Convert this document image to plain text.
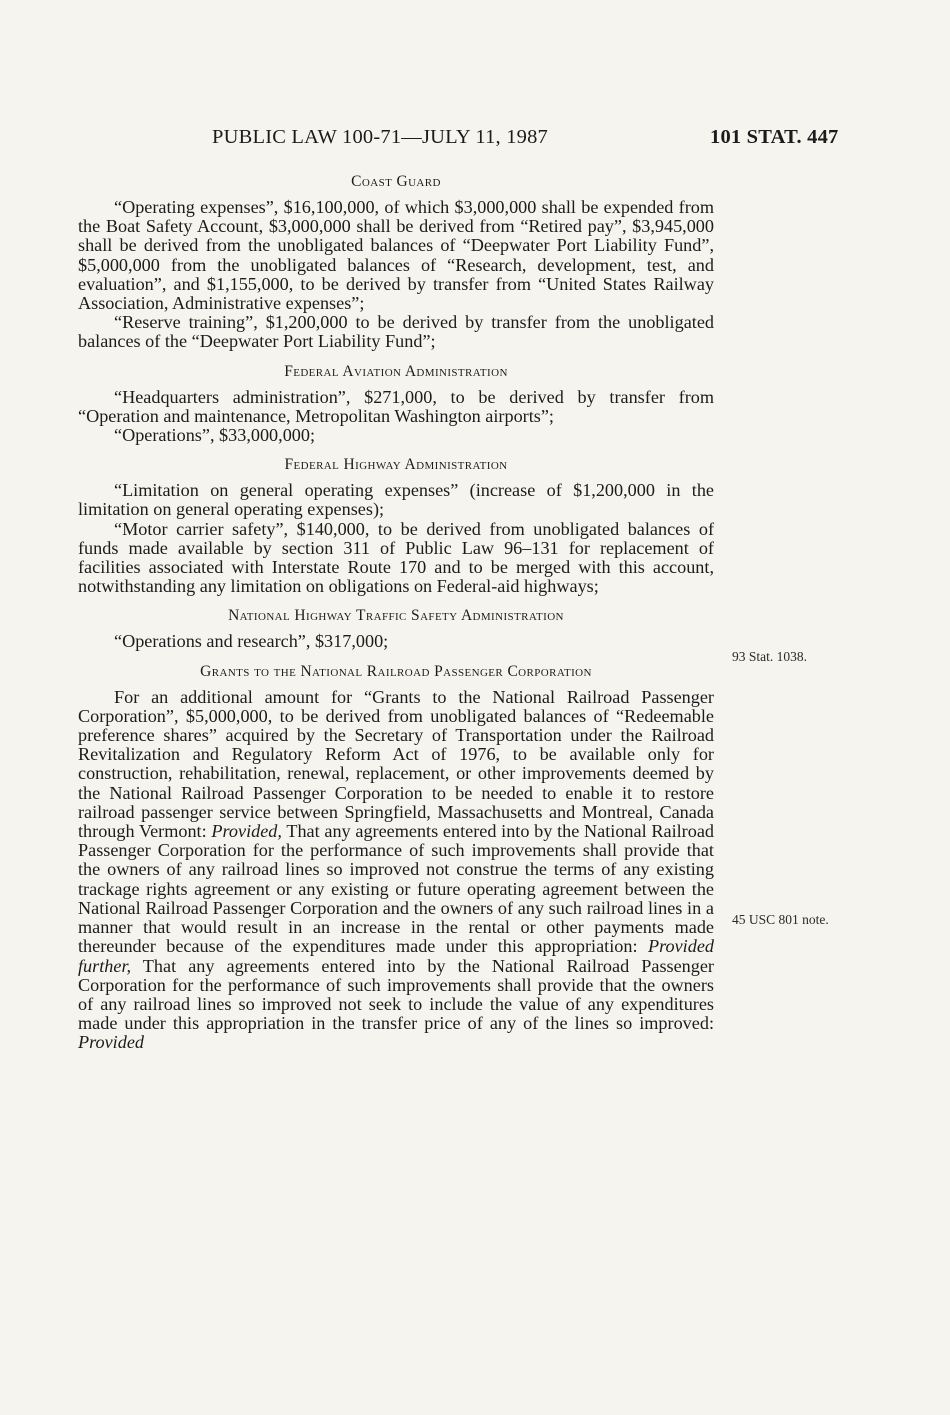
PUBLIC LAW 100-71—JULY 11, 1987	101 STAT. 447
Coast Guard

“Operating expenses”, $16,100,000, of which $3,000,000 shall be expended from the Boat Safety Account, $3,000,000 shall be derived from “Retired pay”, $3,945,000 shall be derived from the unobligated balances of “Deepwater Port Liability Fund”, $5,000,000 from the unobligated balances of “Research, development, test, and evaluation”, and $1,155,000, to be derived by transfer from “United States Railway Association, Administrative expenses”;

“Reserve training”, $1,200,000 to be derived by transfer from the unobligated balances of the “Deepwater Port Liability Fund”;

Federal Aviation Administration

“Headquarters administration”, $271,000, to be derived by transfer from “Operation and maintenance, Metropolitan Washington airports”;

“Operations”, $33,000,000;

Federal Highway Administration

“Limitation on general operating expenses” (increase of $1,200,000 in the limitation on general operating expenses);

“Motor carrier safety”, $140,000, to be derived from unobligated balances of funds made available by section 311 of Public Law 96–131 for replacement of facilities associated with Interstate Route 170 and to be merged with this account, notwithstanding any limitation on obligations on Federal-aid highways;

National Highway Traffic Safety Administration

“Operations and research”, $317,000;

Grants to the National Railroad Passenger Corporation

For an additional amount for “Grants to the National Railroad Passenger Corporation”, $5,000,000, to be derived from unobligated balances of “Redeemable preference shares” acquired by the Secretary of Transportation under the Railroad Revitalization and Regulatory Reform Act of 1976, to be available only for construction, rehabilitation, renewal, replacement, or other improvements deemed by the National Railroad Passenger Corporation to be needed to enable it to restore railroad passenger service between Springfield, Massachusetts and Montreal, Canada through Vermont: Provided, That any agreements entered into by the National Railroad Passenger Corporation for the performance of such improvements shall provide that the owners of any railroad lines so improved not construe the terms of any existing trackage rights agreement or any existing or future operating agreement between the National Railroad Passenger Corporation and the owners of any such railroad lines in a manner that would result in an increase in the rental or other payments made thereunder because of the expenditures made under this appropriation: Provided further, That any agreements entered into by the National Railroad Passenger Corporation for the performance of such improvements shall provide that the owners of any railroad lines so improved not seek to include the value of any expenditures made under this appropriation in the transfer price of any of the lines so improved: Provided

93 Stat. 1038.
45 USC 801 note.
